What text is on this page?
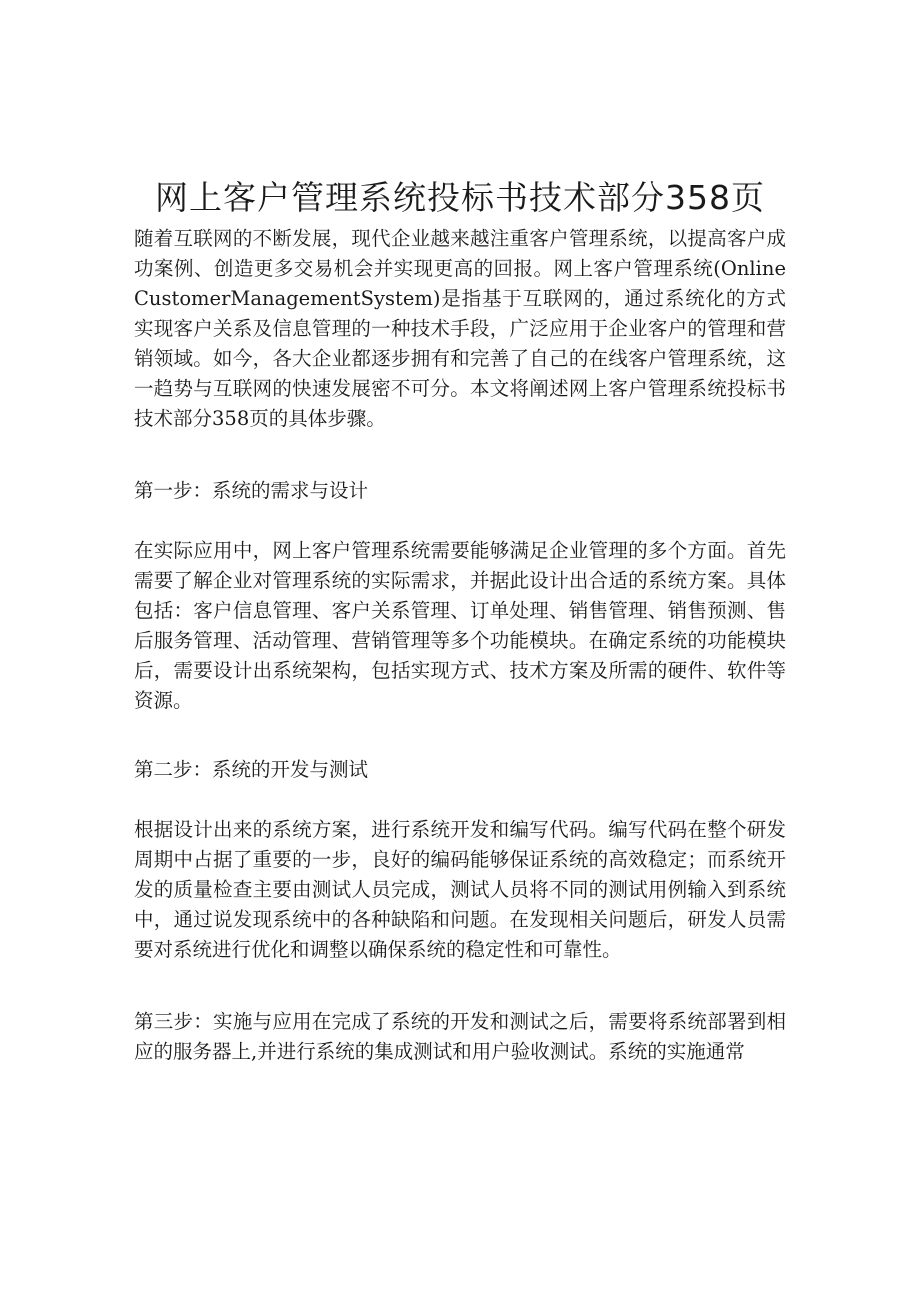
网上客户管理系统投标书技术部分358页

随着互联网的不断发展，现代企业越来越注重客户管理系统，以提高客户成功案例、创造更多交易机会并实现更高的回报。网上客户管理系统(OnlineCustomerManagementSystem)是指基于互联网的，通过系统化的方式实现客户关系及信息管理的一种技术手段，广泛应用于企业客户的管理和营销领域。如今，各大企业都逐步拥有和完善了自己的在线客户管理系统，这一趋势与互联网的快速发展密不可分。本文将阐述网上客户管理系统投标书技术部分358页的具体步骤。

第一步：系统的需求与设计

在实际应用中，网上客户管理系统需要能够满足企业管理的多个方面。首先需要了解企业对管理系统的实际需求，并据此设计出合适的系统方案。具体包括：客户信息管理、客户关系管理、订单处理、销售管理、销售预测、售后服务管理、活动管理、营销管理等多个功能模块。在确定系统的功能模块后，需要设计出系统架构，包括实现方式、技术方案及所需的硬件、软件等资源。

第二步：系统的开发与测试

根据设计出来的系统方案，进行系统开发和编写代码。编写代码在整个研发周期中占据了重要的一步，良好的编码能够保证系统的高效稳定；而系统开发的质量检查主要由测试人员完成，测试人员将不同的测试用例输入到系统中，通过说发现系统中的各种缺陷和问题。在发现相关问题后，研发人员需要对系统进行优化和调整以确保系统的稳定性和可靠性。

第三步：实施与应用在完成了系统的开发和测试之后，需要将系统部署到相应的服务器上,并进行系统的集成测试和用户验收测试。系统的实施通常
